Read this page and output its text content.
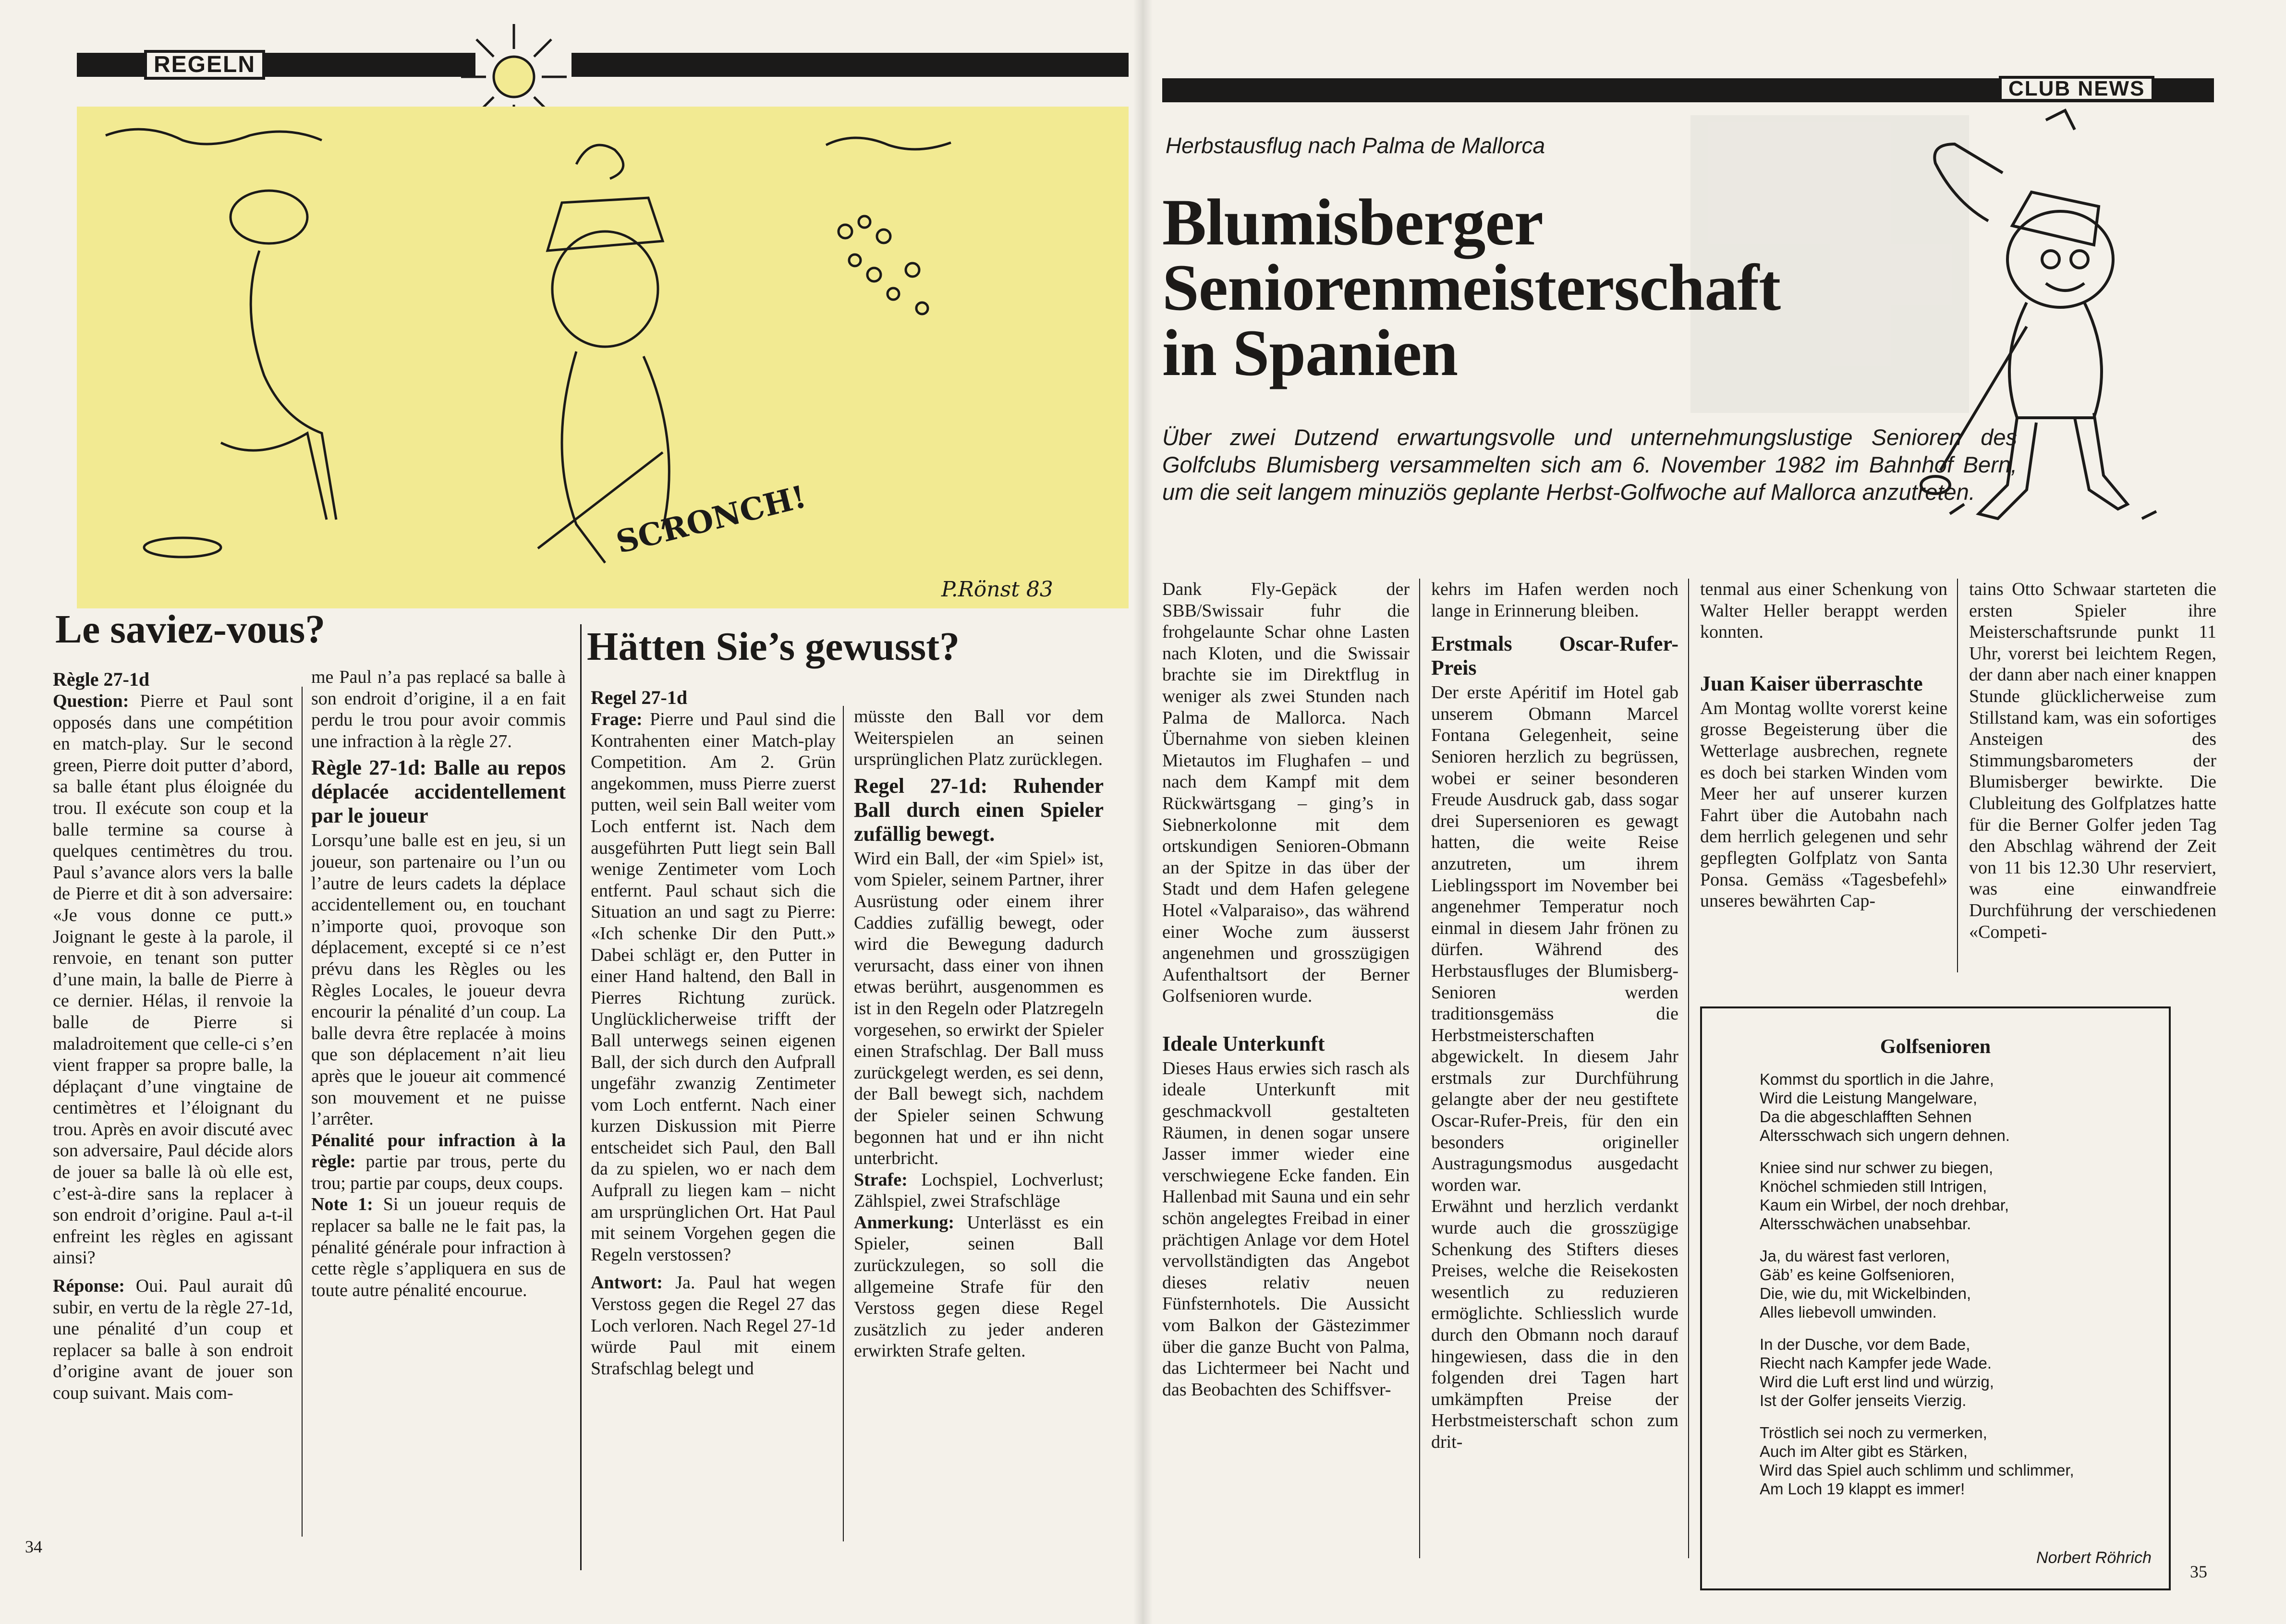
REGELN
SCRONCH!
P.Rönst 83
Le saviez-vous?	Hätten Sie’s gewusst?
Règle 27-1d

Question: Pierre et Paul sont opposés dans une compétition en match-play. Sur le second green, Pierre doit putter d’abord, sa balle étant plus éloignée du trou. Il exécute son coup et la balle termine sa course à quelques centimètres du trou. Paul s’avance alors vers la balle de Pierre et dit à son adversaire: «Je vous donne ce putt.» Joignant le geste à la parole, il renvoie, en tenant son putter d’une main, la balle de Pierre à ce dernier. Hélas, il renvoie la balle de Pierre si maladroitement que celle-ci s’en vient frapper sa propre balle, la déplaçant d’une vingtaine de centimètres et l’éloignant du trou. Après en avoir discuté avec son adversaire, Paul décide alors de jouer sa balle là où elle est, c’est-à-dire sans la replacer à son endroit d’origine. Paul a-t-il enfreint les règles en agissant ainsi?

Réponse: Oui. Paul aurait dû subir, en vertu de la règle 27-1d, une pénalité d’un coup et replacer sa balle à son endroit d’origine avant de jouer son coup suivant. Mais com-

me Paul n’a pas replacé sa balle à son endroit d’origine, il a en fait perdu le trou pour avoir commis une infraction à la règle 27.

Règle 27-1d: Balle au repos déplacée accidentellement par le joueur

Lorsqu’une balle est en jeu, si un joueur, son partenaire ou l’un ou l’autre de leurs cadets la déplace accidentellement ou, en touchant n’importe quoi, provoque son déplacement, excepté si ce n’est prévu dans les Règles ou les Règles Locales, le joueur devra encourir la pénalité d’un coup. La balle devra être replacée à moins que son déplacement n’ait lieu après que le joueur ait commencé son mouvement et ne puisse l’arrêter.

Pénalité pour infraction à la règle: partie par trous, perte du trou; partie par coups, deux coups.

Note 1: Si un joueur requis de replacer sa balle ne le fait pas, la pénalité générale pour infraction à cette règle s’appliquera en sus de toute autre pénalité encourue.

Regel 27-1d

Frage: Pierre und Paul sind die Kontrahenten einer Match-play Competition. Am 2. Grün angekommen, muss Pierre zuerst putten, weil sein Ball weiter vom Loch entfernt ist. Nach dem ausgeführten Putt liegt sein Ball wenige Zentimeter vom Loch entfernt. Paul schaut sich die Situation an und sagt zu Pierre: «Ich schenke Dir den Putt.» Dabei schlägt er, den Putter in einer Hand haltend, den Ball in Pierres Richtung zurück. Unglücklicherweise trifft der Ball unterwegs seinen eigenen Ball, der sich durch den Aufprall ungefähr zwanzig Zentimeter vom Loch entfernt. Nach einer kurzen Diskussion mit Pierre entscheidet sich Paul, den Ball da zu spielen, wo er nach dem Aufprall zu liegen kam – nicht am ursprünglichen Ort. Hat Paul mit seinem Vorgehen gegen die Regeln verstossen?

Antwort: Ja. Paul hat wegen Verstoss gegen die Regel 27 das Loch verloren. Nach Regel 27-1d würde Paul mit einem Strafschlag belegt und

müsste den Ball vor dem Weiterspielen an seinen ursprünglichen Platz zurücklegen.

Regel 27-1d: Ruhender Ball durch einen Spieler zufällig bewegt.

Wird ein Ball, der «im Spiel» ist, vom Spieler, seinem Partner, ihrer Ausrüstung oder einem ihrer Caddies zufällig bewegt, oder wird die Bewegung dadurch verursacht, dass einer von ihnen etwas berührt, ausgenommen es ist in den Regeln oder Platzregeln vorgesehen, so erwirkt der Spieler einen Strafschlag. Der Ball muss zurückgelegt werden, es sei denn, der Ball bewegt sich, nachdem der Spieler seinen Schwung begonnen hat und er ihn nicht unterbricht.

Strafe: Lochspiel, Lochverlust; Zählspiel, zwei Strafschläge

Anmerkung: Unterlässt es ein Spieler, seinen Ball zurückzulegen, so soll die allgemeine Strafe für den Verstoss gegen diese Regel zusätzlich zu jeder anderen erwirkten Strafe gelten.

34
CLUB NEWS
Herbstausflug nach Palma de Mallorca
Blumisberger
Seniorenmeisterschaft
in Spanien
Über zwei Dutzend erwartungsvolle und unternehmungslustige Senioren des Golfclubs Blumisberg versammelten sich am 6. November 1982 im Bahnhof Bern, um die seit langem minuziös geplante Herbst-Golfwoche auf Mallorca anzutreten.

Dank Fly-Gepäck der SBB/Swissair fuhr die frohgelaunte Schar ohne Lasten nach Kloten, und die Swissair brachte sie im Direktflug in weniger als zwei Stunden nach Palma de Mallorca. Nach Übernahme von sieben kleinen Mietautos im Flughafen – und nach dem Kampf mit dem Rückwärtsgang – ging’s in Siebnerkolonne mit dem ortskundigen Senioren-Obmann an der Spitze in das über der Stadt und dem Hafen gelegene Hotel «Valparaiso», das während einer Woche zum äusserst angenehmen und grosszügigen Aufenthaltsort der Berner Golfsenioren wurde.

Ideale Unterkunft

Dieses Haus erwies sich rasch als ideale Unterkunft mit geschmackvoll gestalteten Räumen, in denen sogar unsere Jasser immer wieder eine verschwiegene Ecke fanden. Ein Hallenbad mit Sauna und ein sehr schön angelegtes Freibad in einer prächtigen Anlage vor dem Hotel vervollständigten das Angebot dieses relativ neuen Fünfsternhotels. Die Aussicht vom Balkon der Gästezimmer über die ganze Bucht von Palma, das Lichtermeer bei Nacht und das Beobachten des Schiffsver-

kehrs im Hafen werden noch lange in Erinnerung bleiben.

Erstmals Oscar-Rufer-Preis

Der erste Apéritif im Hotel gab unserem Obmann Marcel Fontana Gelegenheit, seine Senioren herzlich zu begrüssen, wobei er seiner besonderen Freude Ausdruck gab, dass sogar drei Supersenioren es gewagt hatten, die weite Reise anzutreten, um ihrem Lieblingssport im November bei angenehmer Temperatur noch einmal in diesem Jahr frönen zu dürfen. Während des Herbstausfluges der Blumisberg-Senioren werden traditionsgemäss die Herbstmeisterschaften abgewickelt. In diesem Jahr erstmals zur Durchführung gelangte aber der neu gestiftete Oscar-Rufer-Preis, für den ein besonders origineller Austragungsmodus ausgedacht worden war.

Erwähnt und herzlich verdankt wurde auch die grosszügige Schenkung des Stifters dieses Preises, welche die Reisekosten wesentlich zu reduzieren ermöglichte. Schliesslich wurde durch den Obmann noch darauf hingewiesen, dass die in den folgenden drei Tagen hart umkämpften Preise der Herbstmeisterschaft schon zum drit-

tenmal aus einer Schenkung von Walter Heller berappt werden konnten.

Juan Kaiser überraschte

Am Montag wollte vorerst keine grosse Begeisterung über die Wetterlage ausbrechen, regnete es doch bei starken Winden vom Meer her auf unserer kurzen Fahrt über die Autobahn nach dem herrlich gelegenen und sehr gepflegten Golfplatz von Santa Ponsa. Gemäss «Tagesbefehl» unseres bewährten Cap-

tains Otto Schwaar starteten die ersten Spieler ihre Meisterschaftsrunde punkt 11 Uhr, vorerst bei leichtem Regen, der dann aber nach einer knappen Stunde glücklicherweise zum Stillstand kam, was ein sofortiges Ansteigen des Stimmungsbarometers der Blumisberger bewirkte. Die Clubleitung des Golfplatzes hatte für die Berner Golfer jeden Tag den Abschlag während der Zeit von 11 bis 12.30 Uhr reserviert, was eine einwandfreie Durchführung der verschiedenen «Competi-

Golfsenioren
Kommst du sportlich in die Jahre,
Wird die Leistung Mangelware,
Da die abgeschlafften Sehnen
Altersschwach sich ungern dehnen.
Kniee sind nur schwer zu biegen,
Knöchel schmieden still Intrigen,
Kaum ein Wirbel, der noch drehbar,
Altersschwächen unabsehbar.
Ja, du wärest fast verloren,
Gäb’ es keine Golfsenioren,
Die, wie du, mit Wickelbinden,
Alles liebevoll umwinden.
In der Dusche, vor dem Bade,
Riecht nach Kampfer jede Wade.
Wird die Luft erst lind und würzig,
Ist der Golfer jenseits Vierzig.
Tröstlich sei noch zu vermerken,
Auch im Alter gibt es Stärken,
Wird das Spiel auch schlimm und schlimmer,
Am Loch 19 klappt es immer!
Norbert Röhrich
35
